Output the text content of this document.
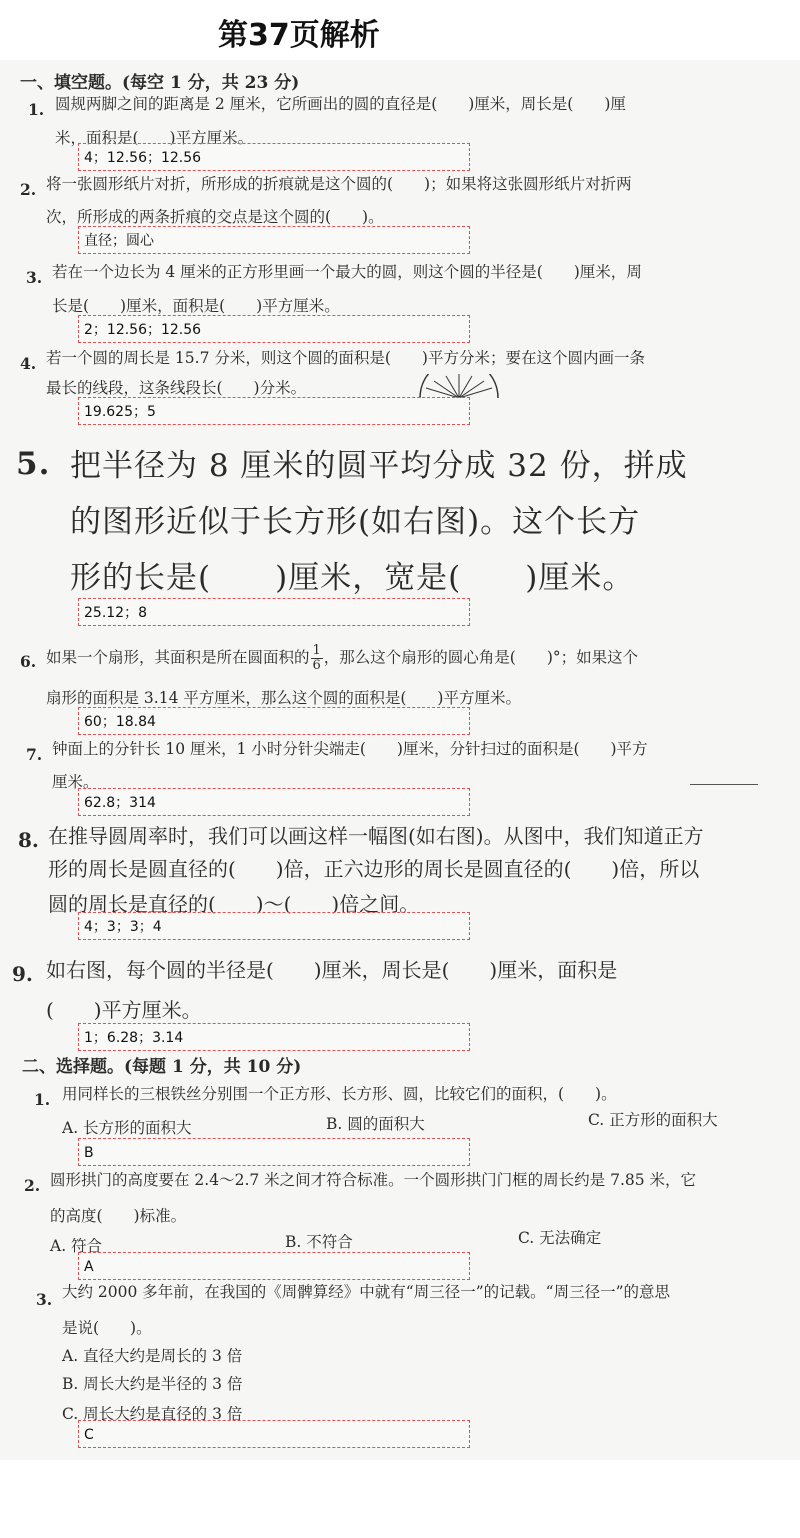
第37页解析
一、填空题。(每空 1 分，共 23 分)
1. 圆规两脚之间的距离是 2 厘米，它所画出的圆的直径是(　　)厘米，周长是(　　)厘
米，面积是(　　)平方厘米。
4；12.56；12.56
2. 将一张圆形纸片对折，所形成的折痕就是这个圆的(　　)；如果将这张圆形纸片对折两
次，所形成的两条折痕的交点是这个圆的(　　)。
直径；圆心
3. 若在一个边长为 4 厘米的正方形里画一个最大的圆，则这个圆的半径是(　　)厘米，周
长是(　　)厘米，面积是(　　)平方厘米。
2；12.56；12.56
4. 若一个圆的周长是 15.7 分米，则这个圆的面积是(　　)平方分米；要在这个圆内画一条
最长的线段，这条线段长(　　)分米。
19.625；5
5. 把半径为 8 厘米的圆平均分成 32 份，拼成
的图形近似于长方形(如右图)。这个长方
形的长是(　　)厘米，宽是(　　)厘米。
25.12；8
6. 如果一个扇形，其面积是所在圆面积的 $\frac{1}{6}$ ，那么这个扇形的圆心角是(　　)°；如果这个
扇形的面积是 3.14 平方厘米，那么这个圆的面积是(　　)平方厘米。
60；18.84
7. 钟面上的分针长 10 厘米，1 小时分针尖端走(　　)厘米，分针扫过的面积是(　　)平方
厘米。
62.8；314
8. 在推导圆周率时，我们可以画这样一幅图(如右图)。从图中，我们知道正方
形的周长是圆直径的(　　)倍，正六边形的周长是圆直径的(　　)倍，所以
圆的周长是直径的(　　)～(　　)倍之间。
4；3；3；4
9. 如右图，每个圆的半径是(　　)厘米，周长是(　　)厘米，面积是
(　　)平方厘米。
1；6.28；3.14
二、选择题。(每题 1 分，共 10 分)
1. 用同样长的三根铁丝分别围一个正方形、长方形、圆，比较它们的面积，(　　)。
A. 长方形的面积大	B. 圆的面积大	C. 正方形的面积大
B
2. 圆形拱门的高度要在 2.4～2.7 米之间才符合标准。一个圆形拱门门框的周长约是 7.85 米，它
的高度(　　)标准。
A. 符合	B. 不符合	C. 无法确定
A
3. 大约 2000 多年前，在我国的《周髀算经》中就有“周三径一”的记载。“周三径一”的意思
是说(　　)。
A. 直径大约是周长的 3 倍
B. 周长大约是半径的 3 倍
C. 周长大约是直径的 3 倍
C
